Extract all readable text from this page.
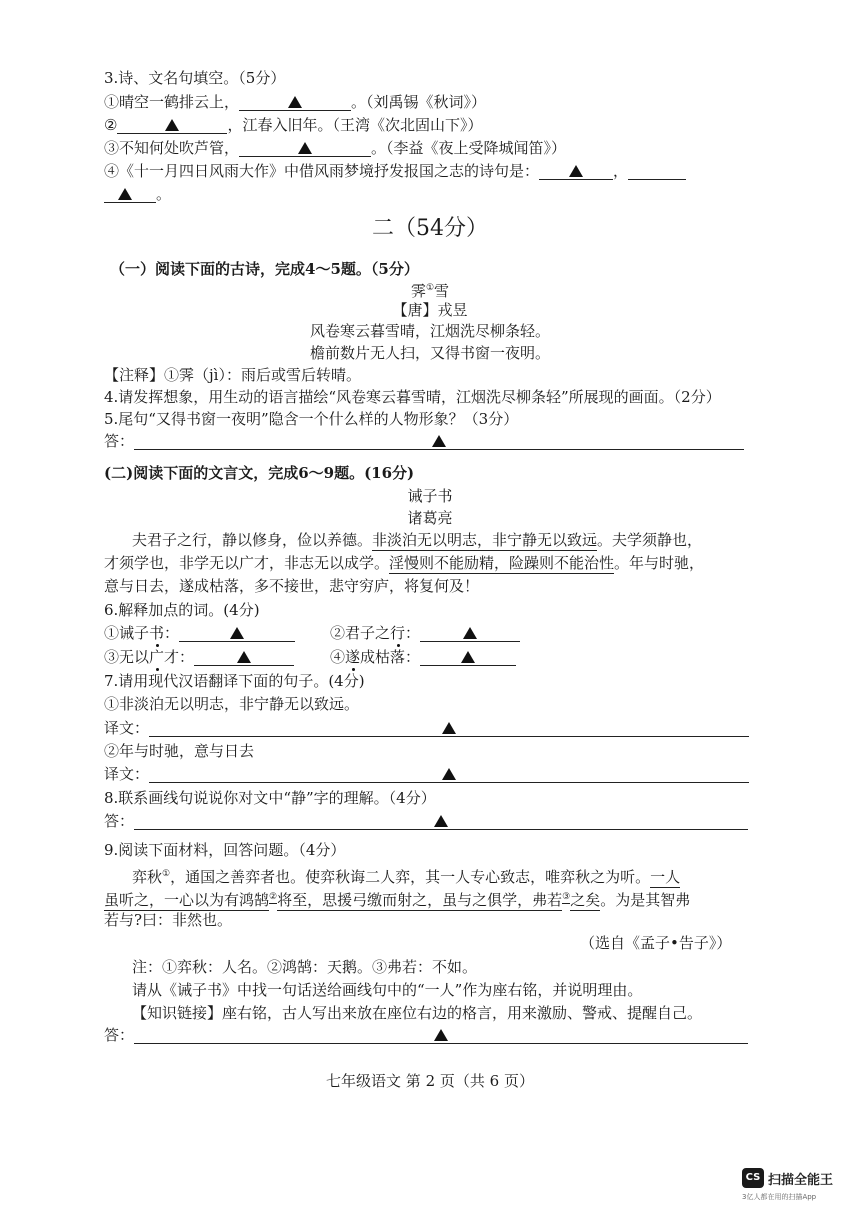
3.诗、文名句填空。（5分）
①晴空一鹤排云上，	。（刘禹锡《秋词》）
②	，江春入旧年。（王湾《次北固山下》）
③不知何处吹芦管，	。（李益《夜上受降城闻笛》）
④《十一月四日风雨大作》中借风雨梦境抒发报国之志的诗句是：	，
。
二（54分）
（一）阅读下面的古诗，完成4～5题。（5分）
霁①雪
【唐】戎昱
风卷寒云暮雪晴，江烟洗尽柳条轻。
檐前数片无人扫，又得书窗一夜明。
【注释】①霁（jì）：雨后或雪后转晴。
4.请发挥想象，用生动的语言描绘“风卷寒云暮雪晴，江烟洗尽柳条轻”所展现的画面。（2分）
5.尾句“又得书窗一夜明”隐含一个什么样的人物形象？（3分）
答：
(二)阅读下面的文言文，完成6～9题。(16分)
诫子书
诸葛亮
夫君子之行，静以修身，俭以养德。非淡泊无以明志，非宁静无以致远。夫学须静也，
才须学也，非学无以广才，非志无以成学。淫慢则不能励精，险躁则不能治性。年与时驰，
意与日去，遂成枯落，多不接世，悲守穷庐，将复何及！
6.解释加点的词。(4分)
①诫子书：	②君子之行：
③无以广才：	④遂成枯落：
7.请用现代汉语翻译下面的句子。(4分)
①非淡泊无以明志，非宁静无以致远。
译文：
②年与时驰，意与日去
译文：
8.联系画线句说说你对文中“静”字的理解。（4分）
答：
9.阅读下面材料，回答问题。（4分）
弈秋①，通国之善弈者也。使弈秋诲二人弈，其一人专心致志，唯弈秋之为听。一人
虽听之，一心以为有鸿鹄②将至，思援弓缴而射之，虽与之俱学，弗若③之矣。为是其智弗
若与?曰：非然也。
（选自《孟子•告子》）
注：①弈秋：人名。②鸿鹄：天鹅。③弗若：不如。
请从《诫子书》中找一句话送给画线句中的“一人”作为座右铭，并说明理由。
【知识链接】座右铭，古人写出来放在座位右边的格言，用来激励、警戒、提醒自己。
答：
七年级语文 第 2 页（共 6 页）
CS 扫描全能王
3亿人都在用的扫描App
